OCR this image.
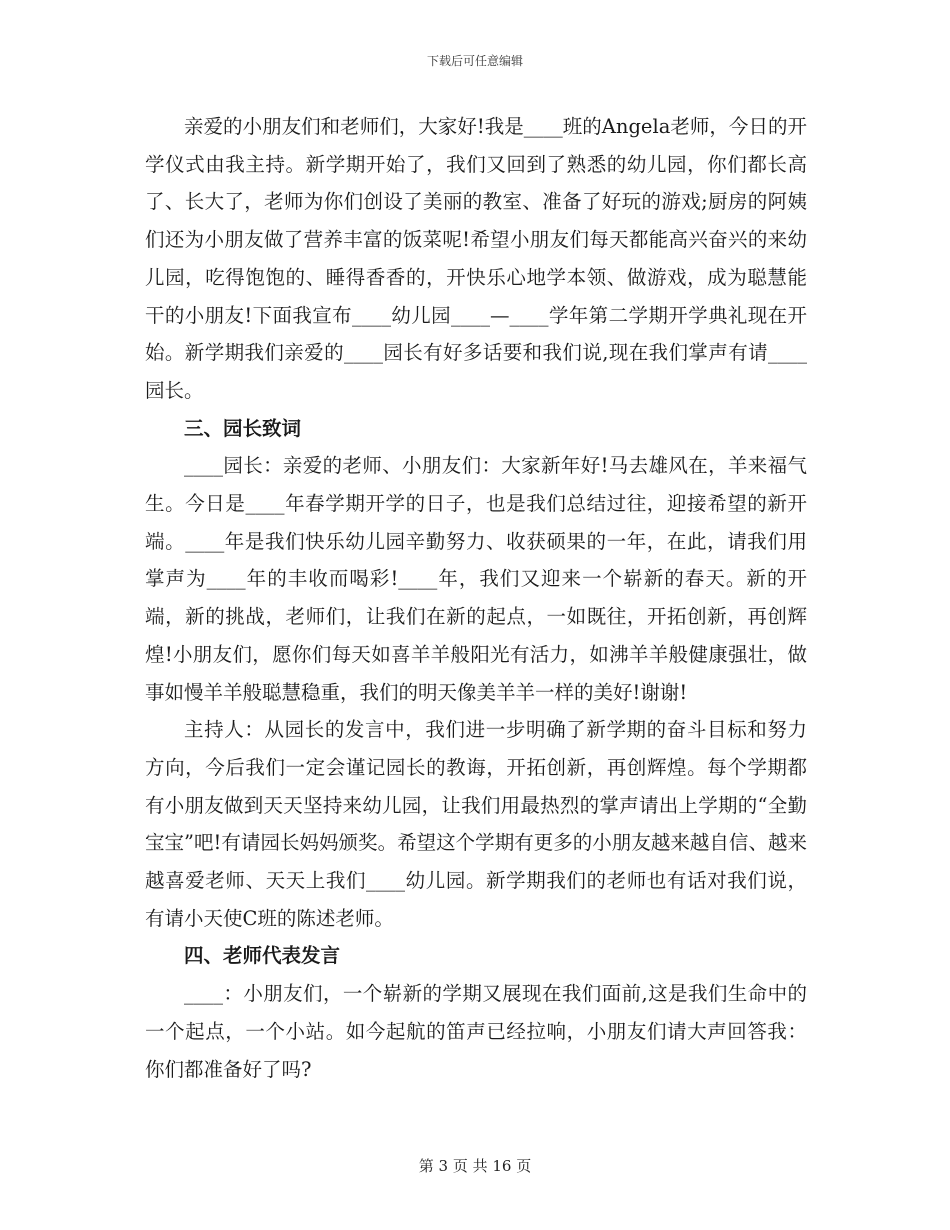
下载后可任意编辑

亲爱的小朋友们和老师们，大家好!我是____班的Angela老师，今日的开学仪式由我主持。新学期开始了，我们又回到了熟悉的幼儿园，你们都长高了、长大了，老师为你们创设了美丽的教室、准备了好玩的游戏;厨房的阿姨们还为小朋友做了营养丰富的饭菜呢!希望小朋友们每天都能高兴奋兴的来幼儿园，吃得饱饱的、睡得香香的，开快乐心地学本领、做游戏，成为聪慧能干的小朋友!下面我宣布____幼儿园____—____学年第二学期开学典礼现在开始。新学期我们亲爱的____园长有好多话要和我们说,现在我们掌声有请____园长。

三、园长致词

____园长：亲爱的老师、小朋友们：大家新年好!马去雄风在，羊来福气生。今日是____年春学期开学的日子，也是我们总结过往，迎接希望的新开端。____年是我们快乐幼儿园辛勤努力、收获硕果的一年，在此，请我们用掌声为____年的丰收而喝彩!____年，我们又迎来一个崭新的春天。新的开端，新的挑战，老师们，让我们在新的起点，一如既往，开拓创新，再创辉煌!小朋友们，愿你们每天如喜羊羊般阳光有活力，如沸羊羊般健康强壮，做事如慢羊羊般聪慧稳重，我们的明天像美羊羊一样的美好!谢谢!

主持人：从园长的发言中，我们进一步明确了新学期的奋斗目标和努力方向，今后我们一定会谨记园长的教诲，开拓创新，再创辉煌。每个学期都有小朋友做到天天坚持来幼儿园，让我们用最热烈的掌声请出上学期的“全勤宝宝”吧!有请园长妈妈颁奖。希望这个学期有更多的小朋友越来越自信、越来越喜爱老师、天天上我们____幼儿园。新学期我们的老师也有话对我们说，有请小天使C班的陈述老师。

四、老师代表发言

____：小朋友们，一个崭新的学期又展现在我们面前,这是我们生命中的一个起点，一个小站。如今起航的笛声已经拉响，小朋友们请大声回答我：你们都准备好了吗?

第 3 页 共 16 页
